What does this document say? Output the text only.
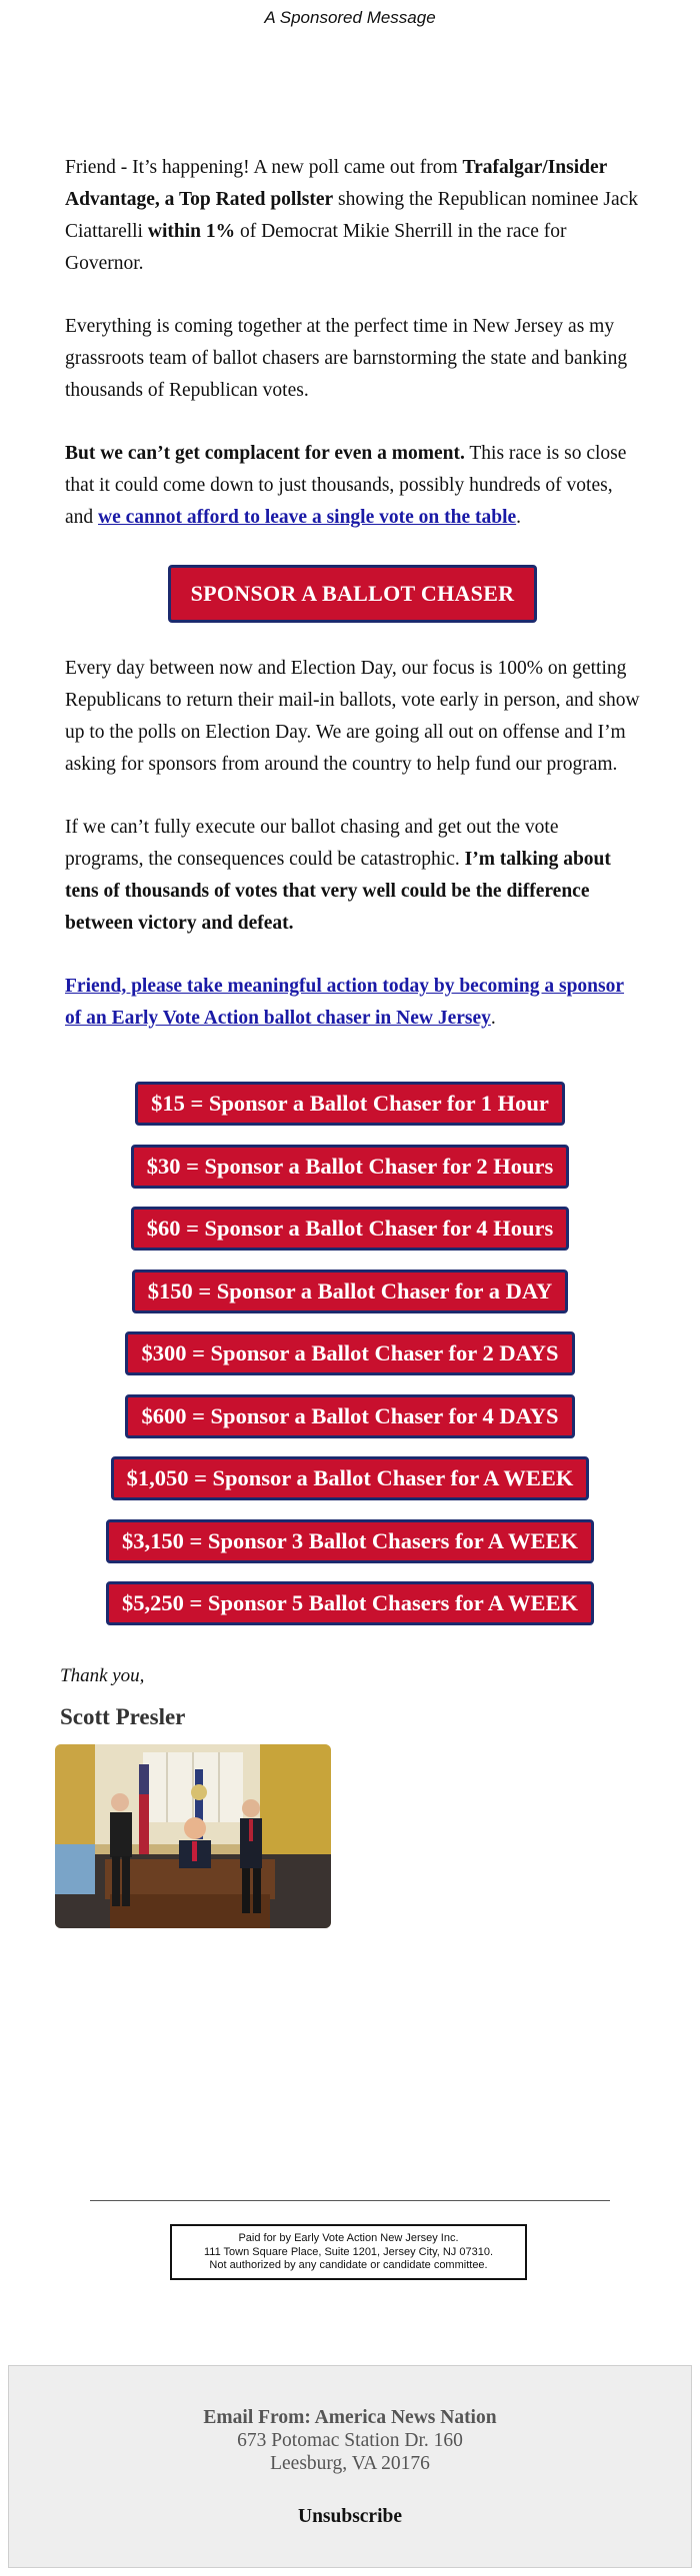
A Sponsored Message

Friend - It’s happening! A new poll came out from Trafalgar/Insider Advantage, a Top Rated pollster showing the Republican nominee Jack Ciattarelli within 1% of Democrat Mikie Sherrill in the race for Governor.

Everything is coming together at the perfect time in New Jersey as my grassroots team of ballot chasers are barnstorming the state and banking thousands of Republican votes.

But we can’t get complacent for even a moment. This race is so close that it could come down to just thousands, possibly hundreds of votes, and we cannot afford to leave a single vote on the table.

SPONSOR A BALLOT CHASER

Every day between now and Election Day, our focus is 100% on getting Republicans to return their mail-in ballots, vote early in person, and show up to the polls on Election Day. We are going all out on offense and I’m asking for sponsors from around the country to help fund our program.

If we can’t fully execute our ballot chasing and get out the vote programs, the consequences could be catastrophic. I’m talking about tens of thousands of votes that very well could be the difference between victory and defeat.

Friend, please take meaningful action today by becoming a sponsor of an Early Vote Action ballot chaser in New Jersey.

$15 = Sponsor a Ballot Chaser for 1 Hour
$30 = Sponsor a Ballot Chaser for 2 Hours
$60 = Sponsor a Ballot Chaser for 4 Hours
$150 = Sponsor a Ballot Chaser for a DAY
$300 = Sponsor a Ballot Chaser for 2 DAYS
$600 = Sponsor a Ballot Chaser for 4 DAYS
$1,050 = Sponsor a Ballot Chaser for A WEEK
$3,150 = Sponsor 3 Ballot Chasers for A WEEK
$5,250 = Sponsor 5 Ballot Chasers for A WEEK
Thank you,
Scott Presler
Paid for by Early Vote Action New Jersey Inc.
111 Town Square Place, Suite 1201, Jersey City, NJ 07310.
Not authorized by any candidate or candidate committee.
Email From: America News Nation
673 Potomac Station Dr. 160
Leesburg, VA 20176
Unsubscribe
